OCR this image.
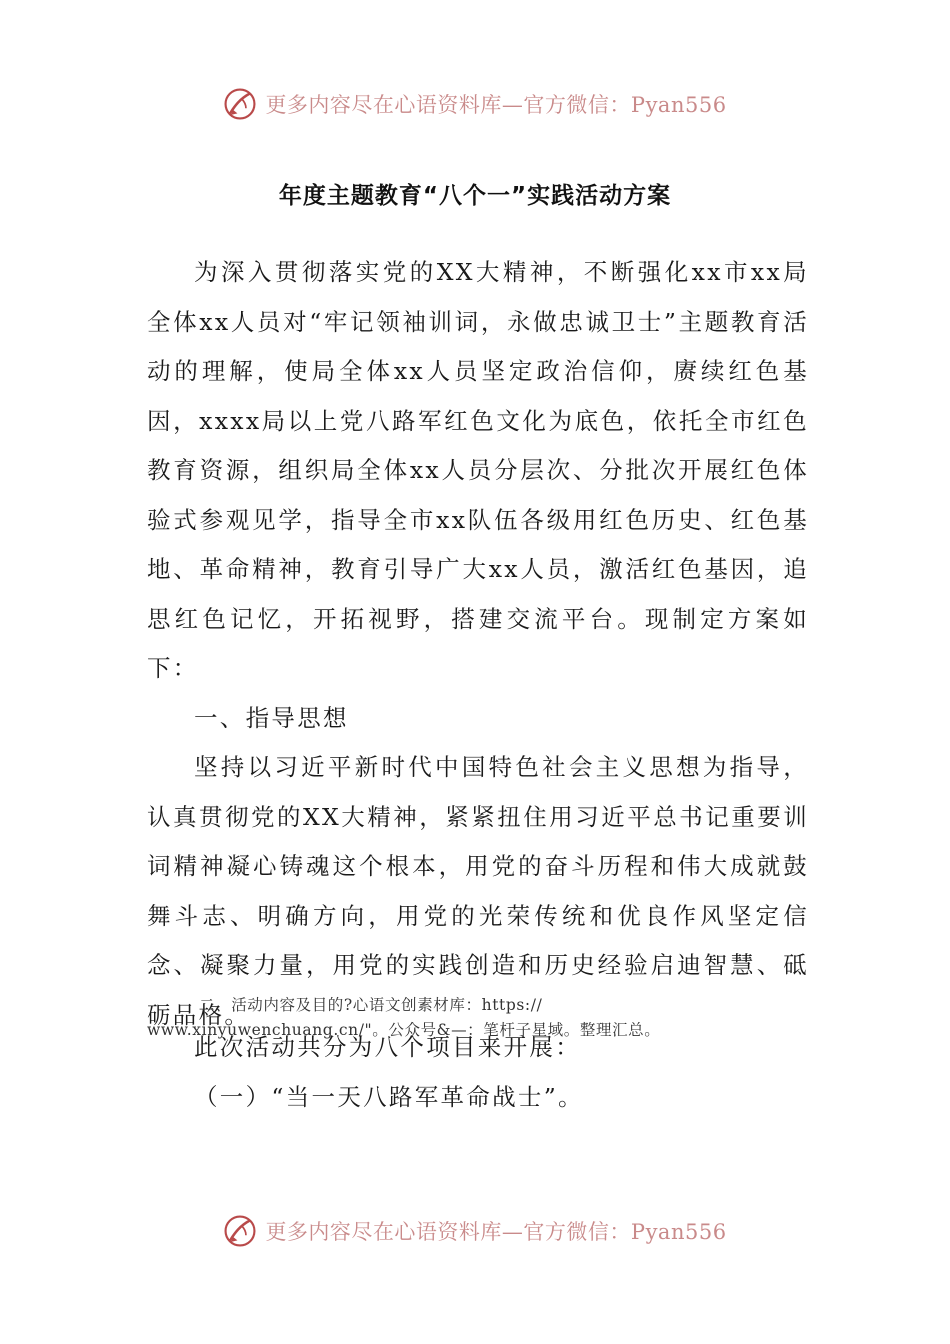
更多内容尽在心语资料库—官方微信：Pyan556
年度主题教育“八个一”实践活动方案

为深入贯彻落实党的XX大精神，不断强化xx市xx局全体xx人员对“牢记领袖训词，永做忠诚卫士”主题教育活动的理解，使局全体xx人员坚定政治信仰，赓续红色基因，xxxx局以上党八路军红色文化为底色，依托全市红色教育资源，组织局全体xx人员分层次、分批次开展红色体验式参观见学，指导全市xx队伍各级用红色历史、红色基地、革命精神，教育引导广大xx人员，激活红色基因，追思红色记忆，开拓视野，搭建交流平台。现制定方案如下：

一、指导思想

坚持以习近平新时代中国特色社会主义思想为指导，认真贯彻党的XX大精神，紧紧扭住用习近平总书记重要训词精神凝心铸魂这个根本，用党的奋斗历程和伟大成就鼓舞斗志、明确方向，用党的光荣传统和优良作风坚定信念、凝聚力量，用党的实践创造和历史经验启迪智慧、砥砺品格。

二、活动内容及目的?心语文创素材库：https://
www.xinyuwenchuang.cn/"。公众号&—：笔杆子星域。整理汇总。

此次活动共分为八个项目来开展：

（一）“当一天八路军革命战士”。

更多内容尽在心语资料库—官方微信：Pyan556
